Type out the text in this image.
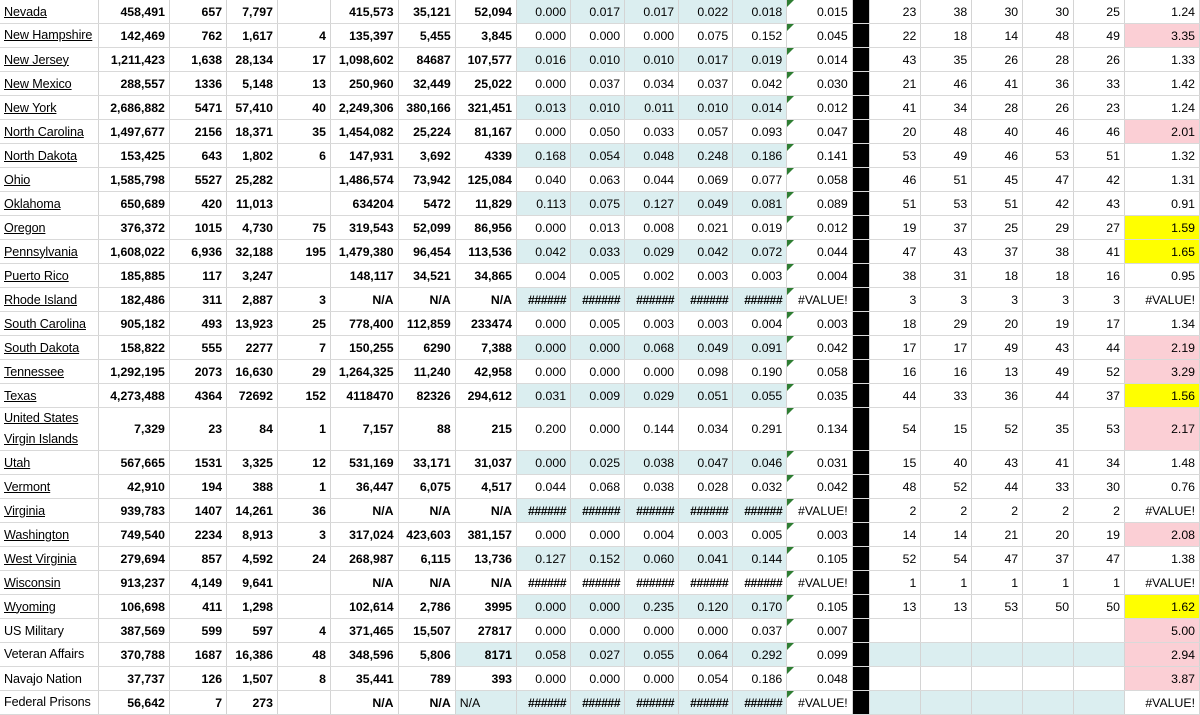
Nevada	458,491	657	7,797		415,573	35,121	52,094	0.000	0.017	0.017	0.022	0.018	0.015		23	38	30	30	25	1.24
New Hampshire	142,469	762	1,617	4	135,397	5,455	3,845	0.000	0.000	0.000	0.075	0.152	0.045		22	18	14	48	49	3.35
New Jersey	1,211,423	1,638	28,134	17	1,098,602	84687	107,577	0.016	0.010	0.010	0.017	0.019	0.014		43	35	26	28	26	1.33
New Mexico	288,557	1336	5,148	13	250,960	32,449	25,022	0.000	0.037	0.034	0.037	0.042	0.030		21	46	41	36	33	1.42
New York	2,686,882	5471	57,410	40	2,249,306	380,166	321,451	0.013	0.010	0.011	0.010	0.014	0.012		41	34	28	26	23	1.24
North Carolina	1,497,677	2156	18,371	35	1,454,082	25,224	81,167	0.000	0.050	0.033	0.057	0.093	0.047		20	48	40	46	46	2.01
North Dakota	153,425	643	1,802	6	147,931	3,692	4339	0.168	0.054	0.048	0.248	0.186	0.141		53	49	46	53	51	1.32
Ohio	1,585,798	5527	25,282		1,486,574	73,942	125,084	0.040	0.063	0.044	0.069	0.077	0.058		46	51	45	47	42	1.31
Oklahoma	650,689	420	11,013		634204	5472	11,829	0.113	0.075	0.127	0.049	0.081	0.089		51	53	51	42	43	0.91
Oregon	376,372	1015	4,730	75	319,543	52,099	86,956	0.000	0.013	0.008	0.021	0.019	0.012		19	37	25	29	27	1.59
Pennsylvania	1,608,022	6,936	32,188	195	1,479,380	96,454	113,536	0.042	0.033	0.029	0.042	0.072	0.044		47	43	37	38	41	1.65
Puerto Rico	185,885	117	3,247		148,117	34,521	34,865	0.004	0.005	0.002	0.003	0.003	0.004		38	31	18	18	16	0.95
Rhode Island	182,486	311	2,887	3	N/A	N/A	N/A	######	######	######	######	######	#VALUE!		3	3	3	3	3	#VALUE!
South Carolina	905,182	493	13,923	25	778,400	112,859	233474	0.000	0.005	0.003	0.003	0.004	0.003		18	29	20	19	17	1.34
South Dakota	158,822	555	2277	7	150,255	6290	7,388	0.000	0.000	0.068	0.049	0.091	0.042		17	17	49	43	44	2.19
Tennessee	1,292,195	2073	16,630	29	1,264,325	11,240	42,958	0.000	0.000	0.000	0.098	0.190	0.058		16	16	13	49	52	3.29
Texas	4,273,488	4364	72692	152	4118470	82326	294,612	0.031	0.009	0.029	0.051	0.055	0.035		44	33	36	44	37	1.56
United States Virgin Islands	7,329	23	84	1	7,157	88	215	0.200	0.000	0.144	0.034	0.291	0.134		54	15	52	35	53	2.17
Utah	567,665	1531	3,325	12	531,169	33,171	31,037	0.000	0.025	0.038	0.047	0.046	0.031		15	40	43	41	34	1.48
Vermont	42,910	194	388	1	36,447	6,075	4,517	0.044	0.068	0.038	0.028	0.032	0.042		48	52	44	33	30	0.76
Virginia	939,783	1407	14,261	36	N/A	N/A	N/A	######	######	######	######	######	#VALUE!		2	2	2	2	2	#VALUE!
Washington	749,540	2234	8,913	3	317,024	423,603	381,157	0.000	0.000	0.004	0.003	0.005	0.003		14	14	21	20	19	2.08
West Virginia	279,694	857	4,592	24	268,987	6,115	13,736	0.127	0.152	0.060	0.041	0.144	0.105		52	54	47	37	47	1.38
Wisconsin	913,237	4,149	9,641		N/A	N/A	N/A	######	######	######	######	######	#VALUE!		1	1	1	1	1	#VALUE!
Wyoming	106,698	411	1,298		102,614	2,786	3995	0.000	0.000	0.235	0.120	0.170	0.105		13	13	53	50	50	1.62
US Military	387,569	599	597	4	371,465	15,507	27817	0.000	0.000	0.000	0.000	0.037	0.007							5.00
Veteran Affairs	370,788	1687	16,386	48	348,596	5,806	8171	0.058	0.027	0.055	0.064	0.292	0.099							2.94
Navajo Nation	37,737	126	1,507	8	35,441	789	393	0.000	0.000	0.000	0.054	0.186	0.048							3.87
Federal Prisons	56,642	7	273		N/A	N/A	N/A	######	######	######	######	######	#VALUE!							#VALUE!
